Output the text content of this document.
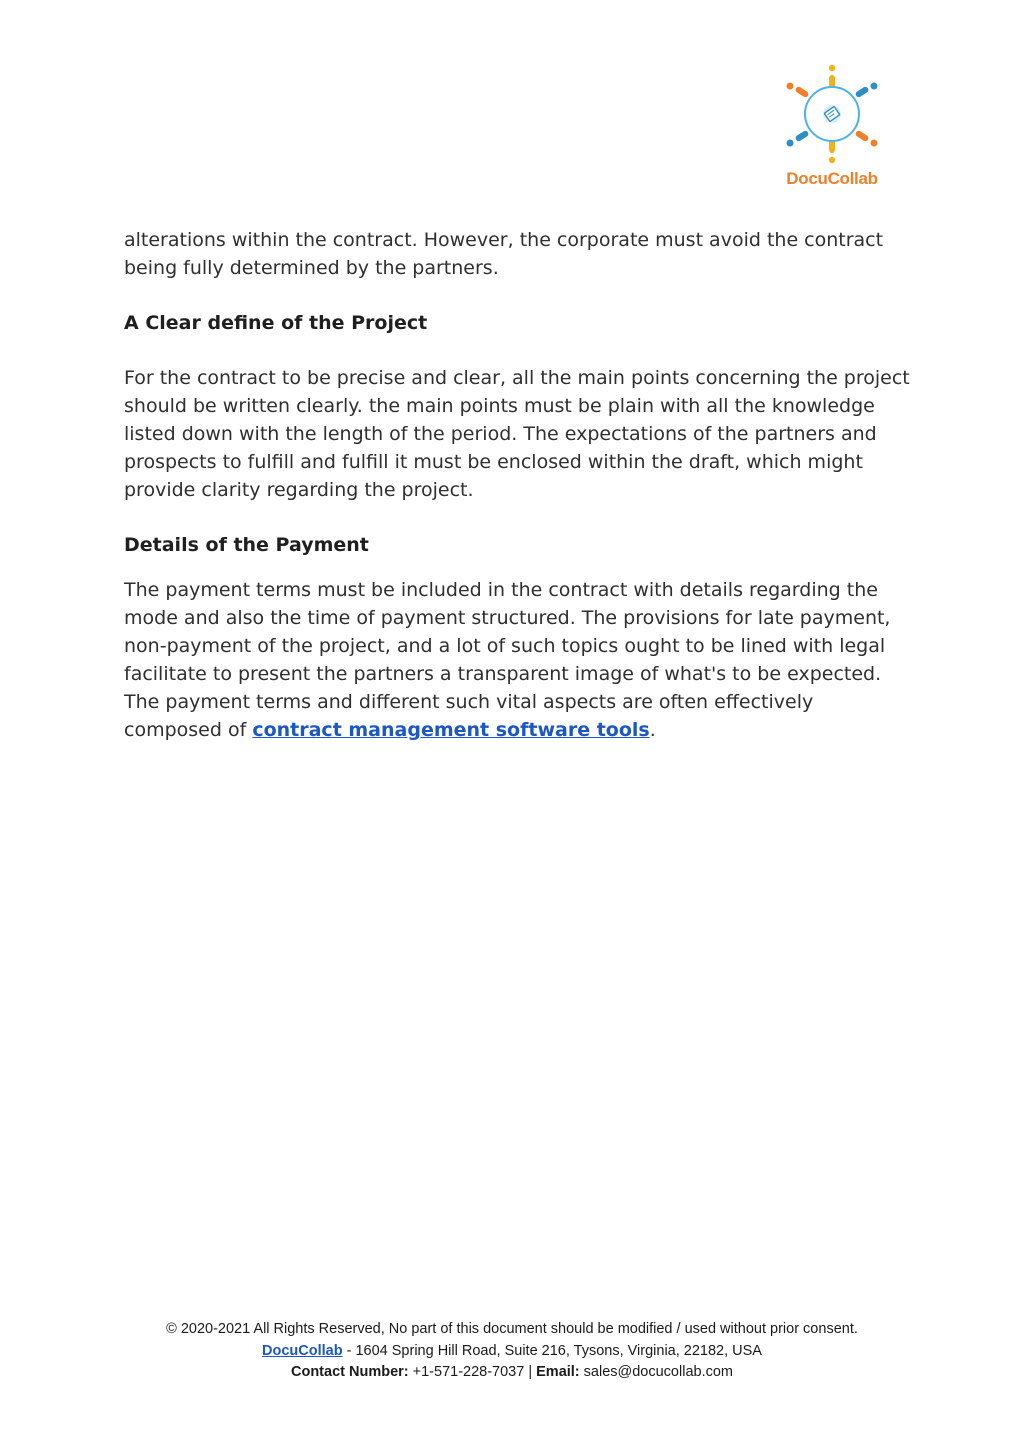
DocuCollab

alterations within the contract. However, the corporate must avoid the contract being fully determined by the partners.

A Clear define of the Project

For the contract to be precise and clear, all the main points concerning the project should be written clearly. the main points must be plain with all the knowledge listed down with the length of the period. The expectations of the partners and prospects to fulfill and fulfill it must be enclosed within the draft, which might provide clarity regarding the project.

Details of the Payment

The payment terms must be included in the contract with details regarding the mode and also the time of payment structured. The provisions for late payment, non-payment of the project, and a lot of such topics ought to be lined with legal facilitate to present the partners a transparent image of what's to be expected. The payment terms and different such vital aspects are often effectively composed of contract management software tools.

© 2020-2021 All Rights Reserved, No part of this document should be modified / used without prior consent.
DocuCollab - 1604 Spring Hill Road, Suite 216, Tysons, Virginia, 22182, USA
Contact Number: +1-571-228-7037 | Email: sales@docucollab.com
